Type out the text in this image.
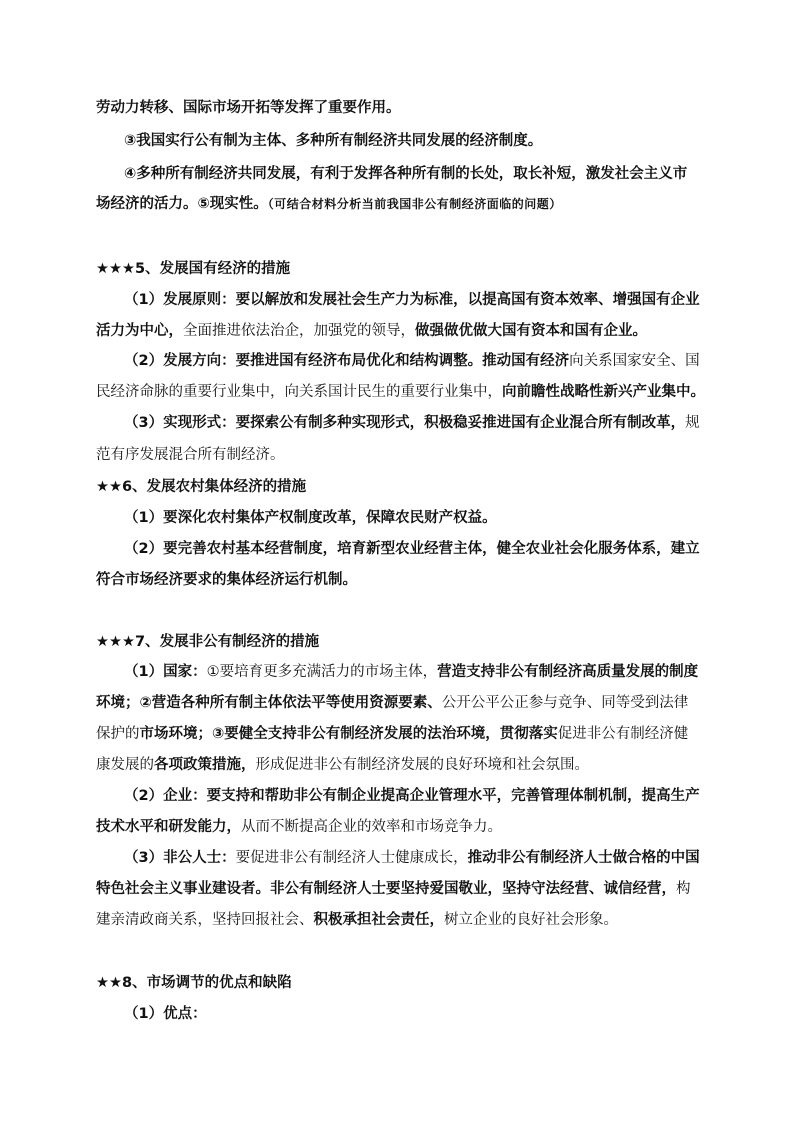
劳动力转移、国际市场开拓等发挥了重要作用。
③我国实行公有制为主体、多种所有制经济共同发展的经济制度。
④多种所有制经济共同发展，有利于发挥各种所有制的长处，取长补短，激发社会主义市
场经济的活力。⑤现实性。（可结合材料分析当前我国非公有制经济面临的问题）
★★★5、发展国有经济的措施
（1）发展原则：要以解放和发展社会生产力为标准，以提高国有资本效率、增强国有企业
活力为中心，全面推进依法治企，加强党的领导，做强做优做大国有资本和国有企业。
（2）发展方向：要推进国有经济布局优化和结构调整。推动国有经济向关系国家安全、国
民经济命脉的重要行业集中，向关系国计民生的重要行业集中，向前瞻性战略性新兴产业集中。
（3）实现形式：要探索公有制多种实现形式，积极稳妥推进国有企业混合所有制改革，规
范有序发展混合所有制经济。
★★6、发展农村集体经济的措施
（1）要深化农村集体产权制度改革，保障农民财产权益。
（2）要完善农村基本经营制度，培育新型农业经营主体，健全农业社会化服务体系，建立
符合市场经济要求的集体经济运行机制。
★★★7、发展非公有制经济的措施
（1）国家：①要培育更多充满活力的市场主体，营造支持非公有制经济高质量发展的制度
环境；②营造各种所有制主体依法平等使用资源要素、公开公平公正参与竞争、同等受到法律
保护的市场环境；③要健全支持非公有制经济发展的法治环境，贯彻落实促进非公有制经济健
康发展的各项政策措施，形成促进非公有制经济发展的良好环境和社会氛围。
（2）企业：要支持和帮助非公有制企业提高企业管理水平，完善管理体制机制，提高生产
技术水平和研发能力，从而不断提高企业的效率和市场竞争力。
（3）非公人士：要促进非公有制经济人士健康成长，推动非公有制经济人士做合格的中国
特色社会主义事业建设者。非公有制经济人士要坚持爱国敬业，坚持守法经营、诚信经营，构
建亲清政商关系，坚持回报社会、积极承担社会责任，树立企业的良好社会形象。
★★8、市场调节的优点和缺陷
（1）优点：
